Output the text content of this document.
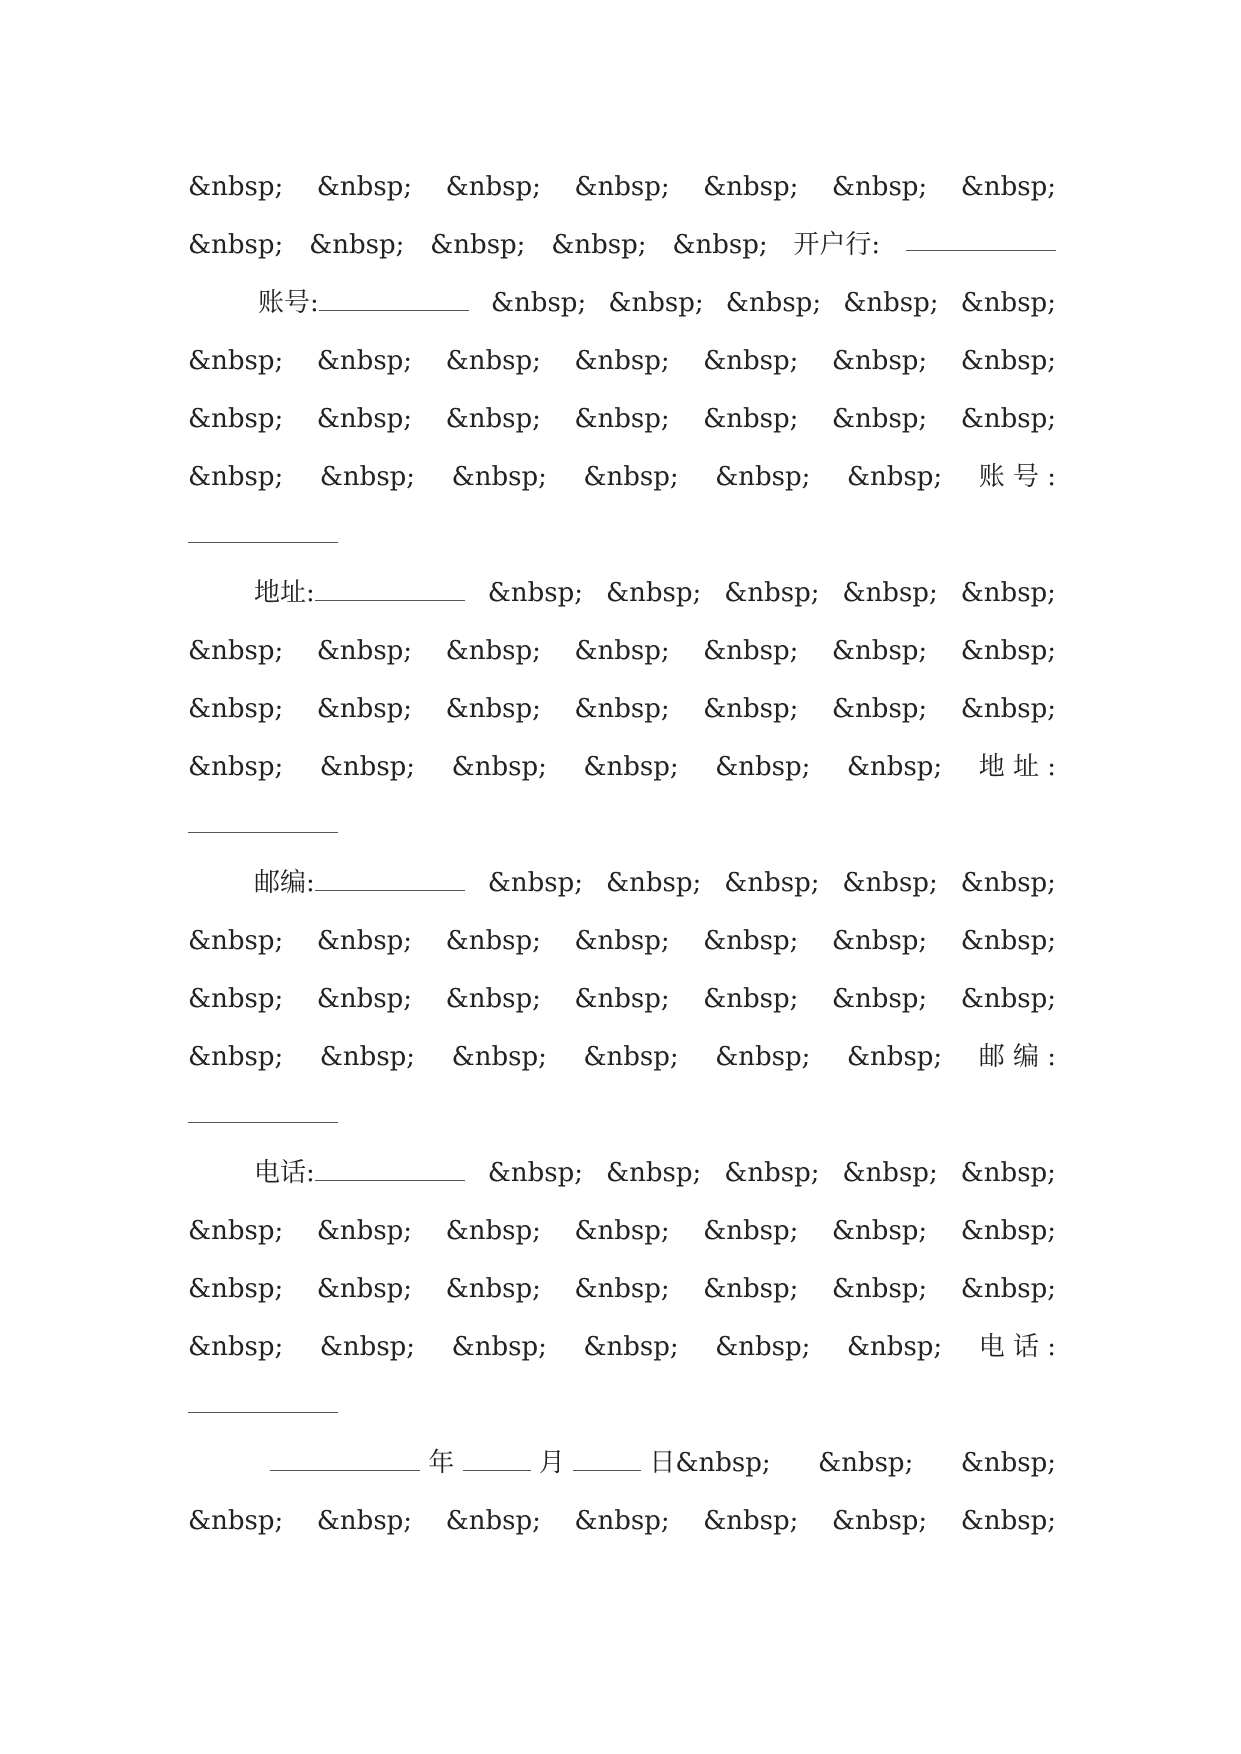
&nbsp; &nbsp; &nbsp; &nbsp; &nbsp; &nbsp; &nbsp;
&nbsp; &nbsp; &nbsp; &nbsp; &nbsp; 开户行:
账号:	&nbsp; &nbsp; &nbsp; &nbsp; &nbsp;
&nbsp; &nbsp; &nbsp; &nbsp; &nbsp; &nbsp; &nbsp;
&nbsp; &nbsp; &nbsp; &nbsp; &nbsp; &nbsp; &nbsp;
&nbsp; &nbsp; &nbsp; &nbsp; &nbsp; &nbsp; 账 号 :
地址:	&nbsp; &nbsp; &nbsp; &nbsp; &nbsp;
&nbsp; &nbsp; &nbsp; &nbsp; &nbsp; &nbsp; &nbsp;
&nbsp; &nbsp; &nbsp; &nbsp; &nbsp; &nbsp; &nbsp;
&nbsp; &nbsp; &nbsp; &nbsp; &nbsp; &nbsp; 地 址 :
邮编:	&nbsp; &nbsp; &nbsp; &nbsp; &nbsp;
&nbsp; &nbsp; &nbsp; &nbsp; &nbsp; &nbsp; &nbsp;
&nbsp; &nbsp; &nbsp; &nbsp; &nbsp; &nbsp; &nbsp;
&nbsp; &nbsp; &nbsp; &nbsp; &nbsp; &nbsp; 邮 编 :
电话:	&nbsp; &nbsp; &nbsp; &nbsp; &nbsp;
&nbsp; &nbsp; &nbsp; &nbsp; &nbsp; &nbsp; &nbsp;
&nbsp; &nbsp; &nbsp; &nbsp; &nbsp; &nbsp; &nbsp;
&nbsp; &nbsp; &nbsp; &nbsp; &nbsp; &nbsp; 电 话 :
年	月	日&nbsp; &nbsp; &nbsp;
&nbsp; &nbsp; &nbsp; &nbsp; &nbsp; &nbsp; &nbsp;
